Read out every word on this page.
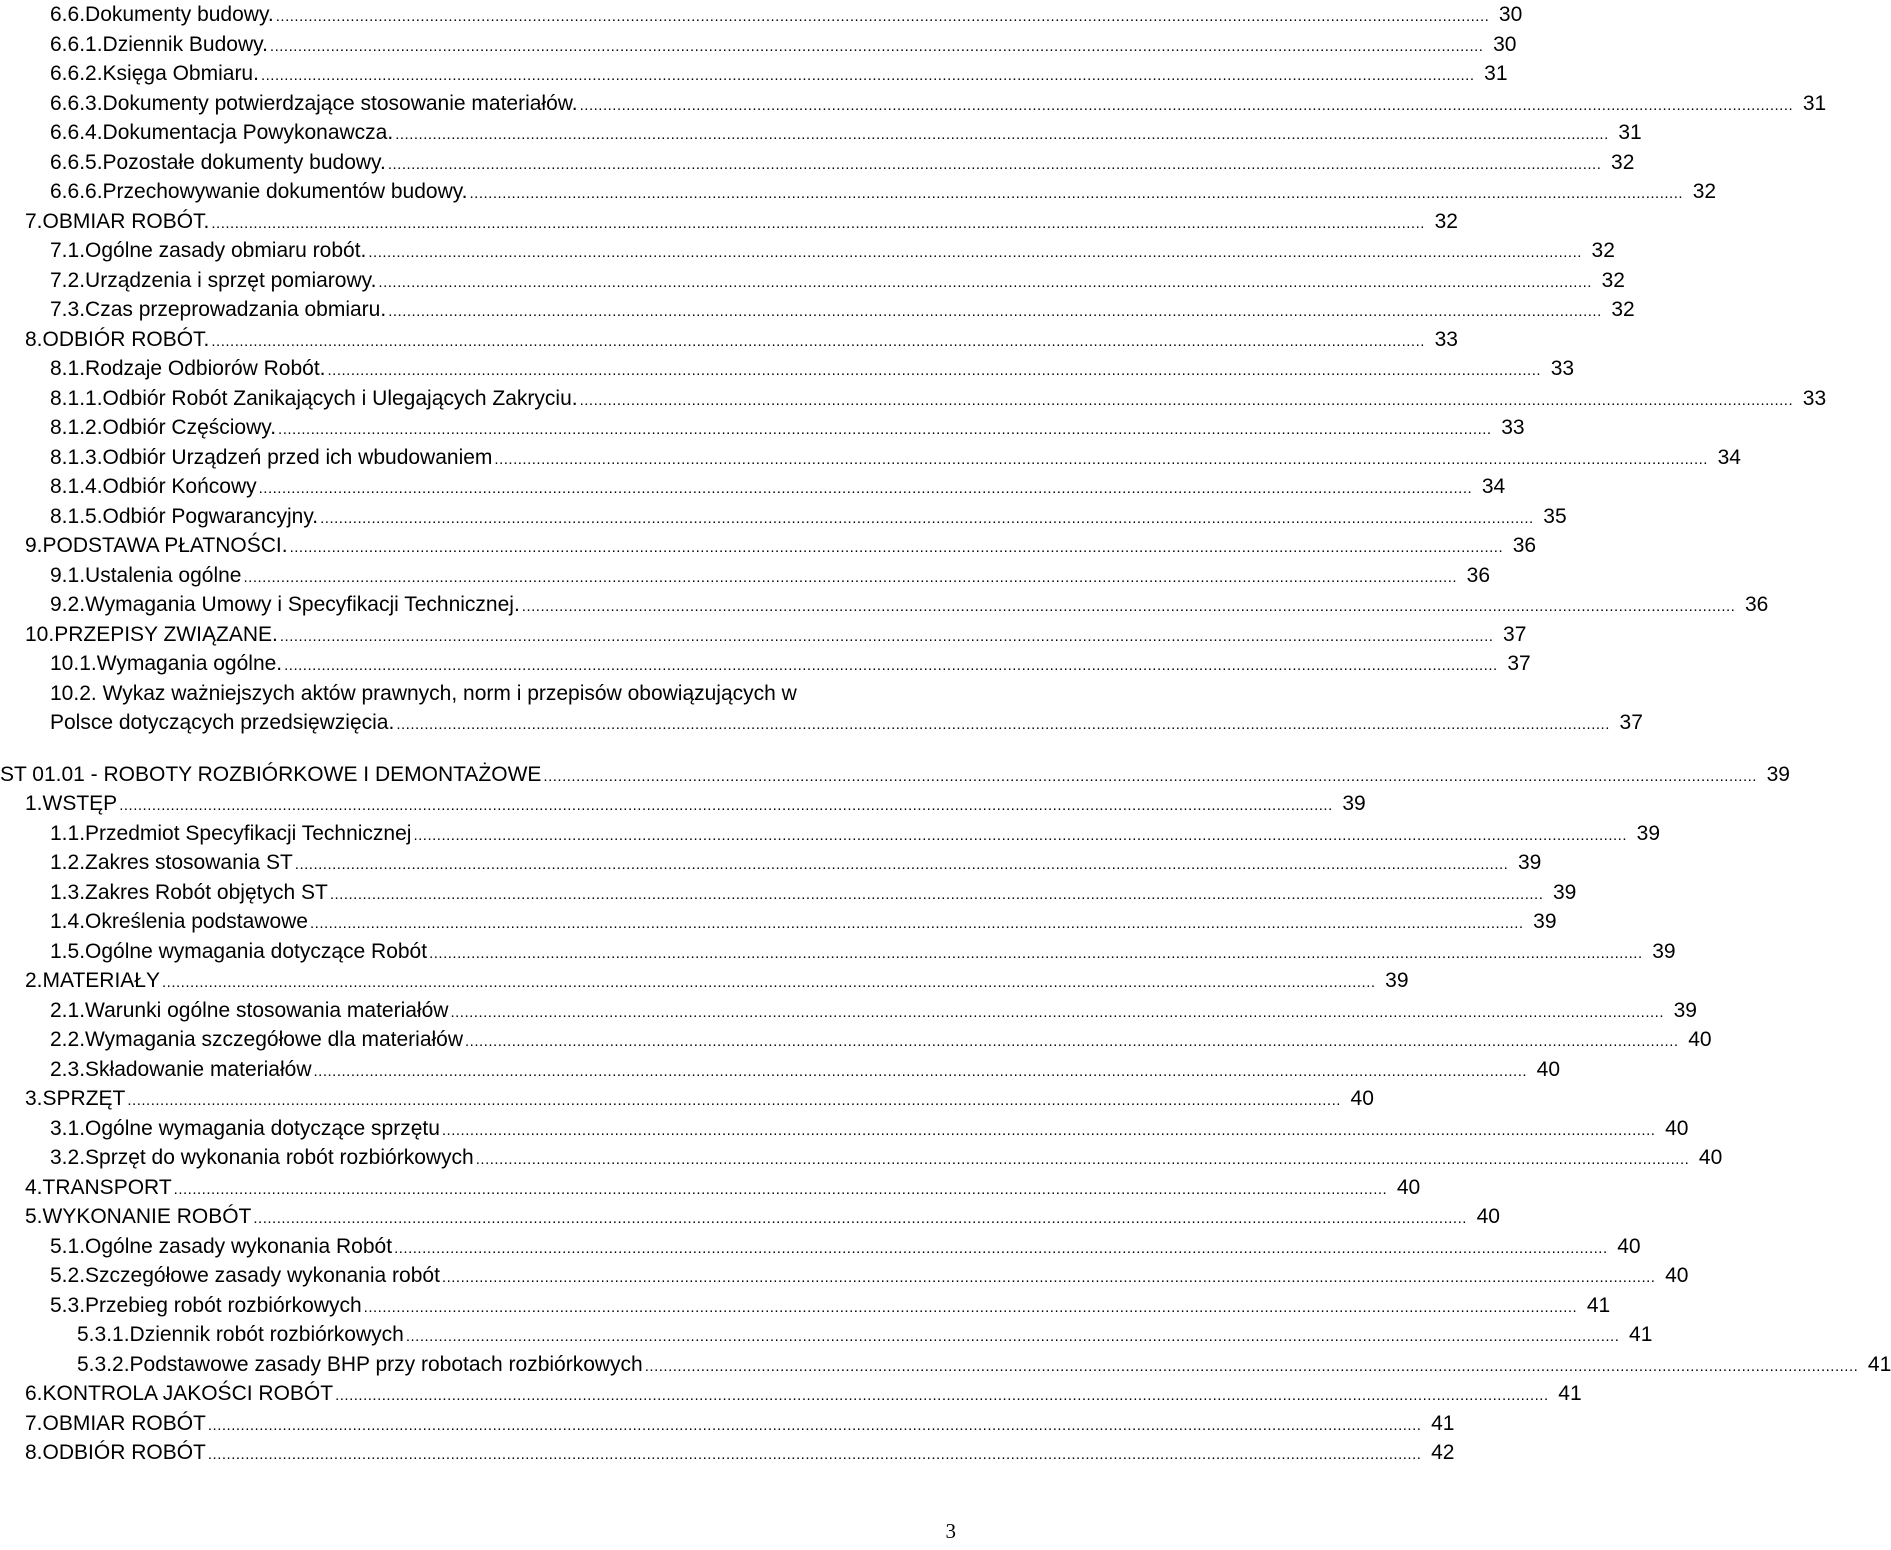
6.6. Dokumenty budowy. .................................................................................................................................................................................................................................................................... 30
6.6.1. Dziennik Budowy. .................................................................................................................................................................................................................................................................... 30
6.6.2. Księga Obmiaru. .................................................................................................................................................................................................................................................................... 31
6.6.3. Dokumenty potwierdzające stosowanie materiałów. .................................................................................................................................................................................................................................................................... 31
6.6.4. Dokumentacja Powykonawcza. .................................................................................................................................................................................................................................................................... 31
6.6.5. Pozostałe dokumenty budowy. .................................................................................................................................................................................................................................................................... 32
6.6.6. Przechowywanie dokumentów budowy. .................................................................................................................................................................................................................................................................... 32
7. OBMIAR ROBÓT. .................................................................................................................................................................................................................................................................... 32
7.1. Ogólne zasady obmiaru robót. .................................................................................................................................................................................................................................................................... 32
7.2. Urządzenia i sprzęt pomiarowy. .................................................................................................................................................................................................................................................................... 32
7.3. Czas przeprowadzania obmiaru. .................................................................................................................................................................................................................................................................... 32
8. ODBIÓR ROBÓT. .................................................................................................................................................................................................................................................................... 33
8.1. Rodzaje Odbiorów Robót. .................................................................................................................................................................................................................................................................... 33
8.1.1. Odbiór Robót Zanikających i Ulegających Zakryciu. .................................................................................................................................................................................................................................................................... 33
8.1.2. Odbiór Częściowy. .................................................................................................................................................................................................................................................................... 33
8.1.3. Odbiór Urządzeń przed ich wbudowaniem .................................................................................................................................................................................................................................................................... 34
8.1.4. Odbiór Końcowy .................................................................................................................................................................................................................................................................... 34
8.1.5. Odbiór Pogwarancyjny. .................................................................................................................................................................................................................................................................... 35
9. PODSTAWA PŁATNOŚCI. .................................................................................................................................................................................................................................................................... 36
9.1. Ustalenia ogólne .................................................................................................................................................................................................................................................................... 36
9.2. Wymagania Umowy i Specyfikacji Technicznej. .................................................................................................................................................................................................................................................................... 36
10. PRZEPISY ZWIĄZANE. .................................................................................................................................................................................................................................................................... 37
10.1. Wymagania ogólne. .................................................................................................................................................................................................................................................................... 37
10.2. Wykaz ważniejszych aktów prawnych, norm i przepisów obowiązujących w
Polsce dotyczących przedsięwzięcia. .................................................................................................................................................................................................................................................................... 37
ST 01.01 - ROBOTY ROZBIÓRKOWE I DEMONTAŻOWE .................................................................................................................................................................................................................................................................... 39
1. WSTĘP .................................................................................................................................................................................................................................................................... 39
1.1. Przedmiot Specyfikacji Technicznej .................................................................................................................................................................................................................................................................... 39
1.2. Zakres stosowania ST .................................................................................................................................................................................................................................................................... 39
1.3. Zakres Robót objętych ST .................................................................................................................................................................................................................................................................... 39
1.4. Określenia podstawowe .................................................................................................................................................................................................................................................................... 39
1.5. Ogólne wymagania dotyczące Robót .................................................................................................................................................................................................................................................................... 39
2. MATERIAŁY .................................................................................................................................................................................................................................................................... 39
2.1. Warunki ogólne stosowania materiałów .................................................................................................................................................................................................................................................................... 39
2.2. Wymagania szczegółowe dla materiałów .................................................................................................................................................................................................................................................................... 40
2.3. Składowanie materiałów .................................................................................................................................................................................................................................................................... 40
3. SPRZĘT .................................................................................................................................................................................................................................................................... 40
3.1. Ogólne wymagania dotyczące sprzętu .................................................................................................................................................................................................................................................................... 40
3.2. Sprzęt do wykonania robót rozbiórkowych .................................................................................................................................................................................................................................................................... 40
4. TRANSPORT .................................................................................................................................................................................................................................................................... 40
5. WYKONANIE ROBÓT .................................................................................................................................................................................................................................................................... 40
5.1. Ogólne zasady wykonania Robót .................................................................................................................................................................................................................................................................... 40
5.2. Szczegółowe zasady wykonania robót .................................................................................................................................................................................................................................................................... 40
5.3. Przebieg robót rozbiórkowych .................................................................................................................................................................................................................................................................... 41
5.3.1. Dziennik robót rozbiórkowych .................................................................................................................................................................................................................................................................... 41
5.3.2. Podstawowe zasady BHP przy robotach rozbiórkowych .................................................................................................................................................................................................................................................................... 41
6. KONTROLA JAKOŚCI ROBÓT .................................................................................................................................................................................................................................................................... 41
7. OBMIAR ROBÓT .................................................................................................................................................................................................................................................................... 41
8. ODBIÓR ROBÓT .................................................................................................................................................................................................................................................................... 42
3
